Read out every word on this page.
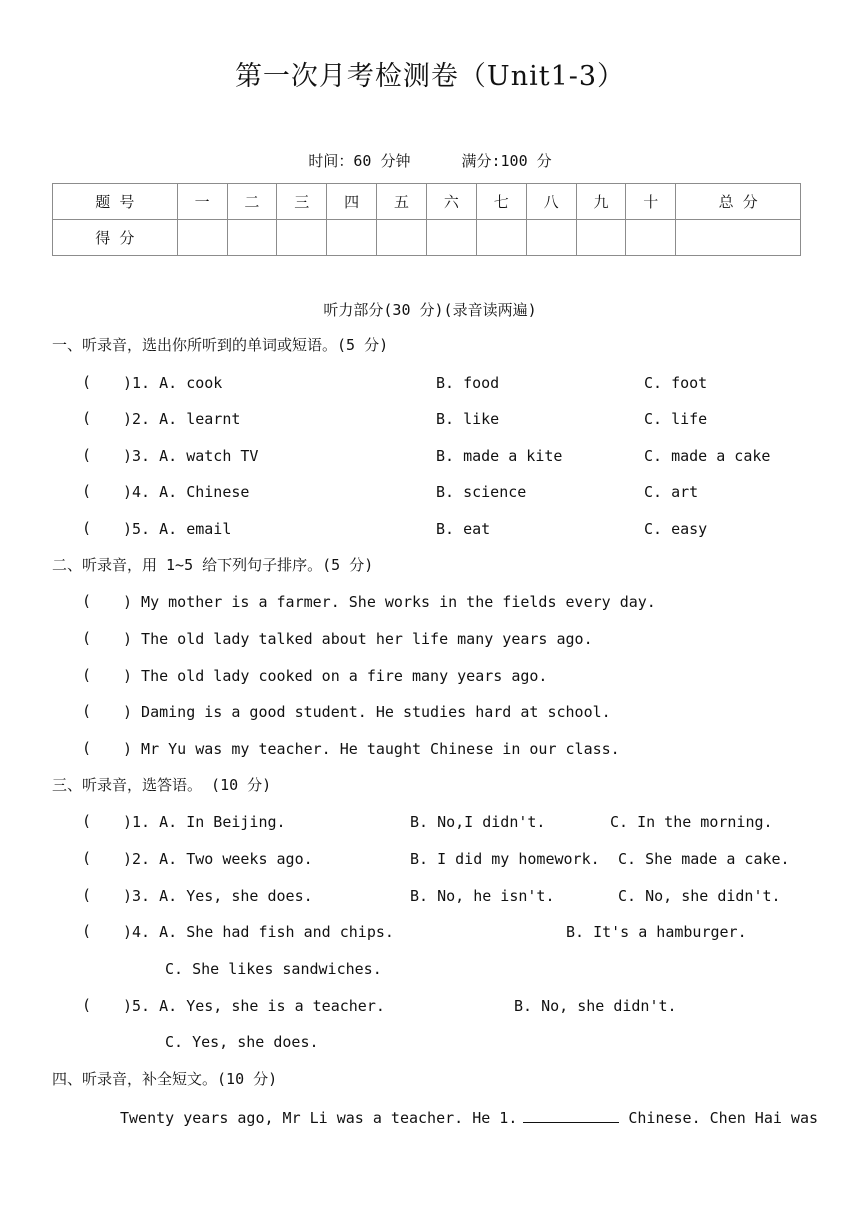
第一次月考检测卷（Unit1-3）
时间：60 分钟	满分:100 分
题 号	一	二	三	四	五	六	七	八	九	十	总 分
得 分											
听力部分(30 分)(录音读两遍)
一、听录音，选出你所听到的单词或短语。(5 分)
( )1. A. cook	B. food	C. foot
( )2. A. learnt	B. like	C. life
( )3. A. watch TV	B. made a kite	C. made a cake
( )4. A. Chinese	B. science	C. art
( )5. A. email	B. eat	C. easy
二、听录音，用 1~5 给下列句子排序。(5 分)
( ) My mother is a farmer. She works in the fields every day.
( ) The old lady talked about her life many years ago.
( ) The old lady cooked on a fire many years ago.
( ) Daming is a good student. He studies hard at school.
( ) Mr Yu was my teacher. He taught Chinese in our class.
三、听录音，选答语。 (10 分)
( )1. A. In Beijing.	B. No,I didn't.	C. In the morning.
( )2. A. Two weeks ago.	B. I did my homework. C. She made a cake.
( )3. A. Yes, she does.	B. No, he isn't.	C. No, she didn't.
( )4. A. She had fish and chips.	B. It's a hamburger.
C. She likes sandwiches.
( )5. A. Yes, she is a teacher.	B. No, she didn't.
C. Yes, she does.
四、听录音，补全短文。(10 分)
Twenty years ago, Mr Li was a teacher. He 1.	Chinese. Chen Hai was
